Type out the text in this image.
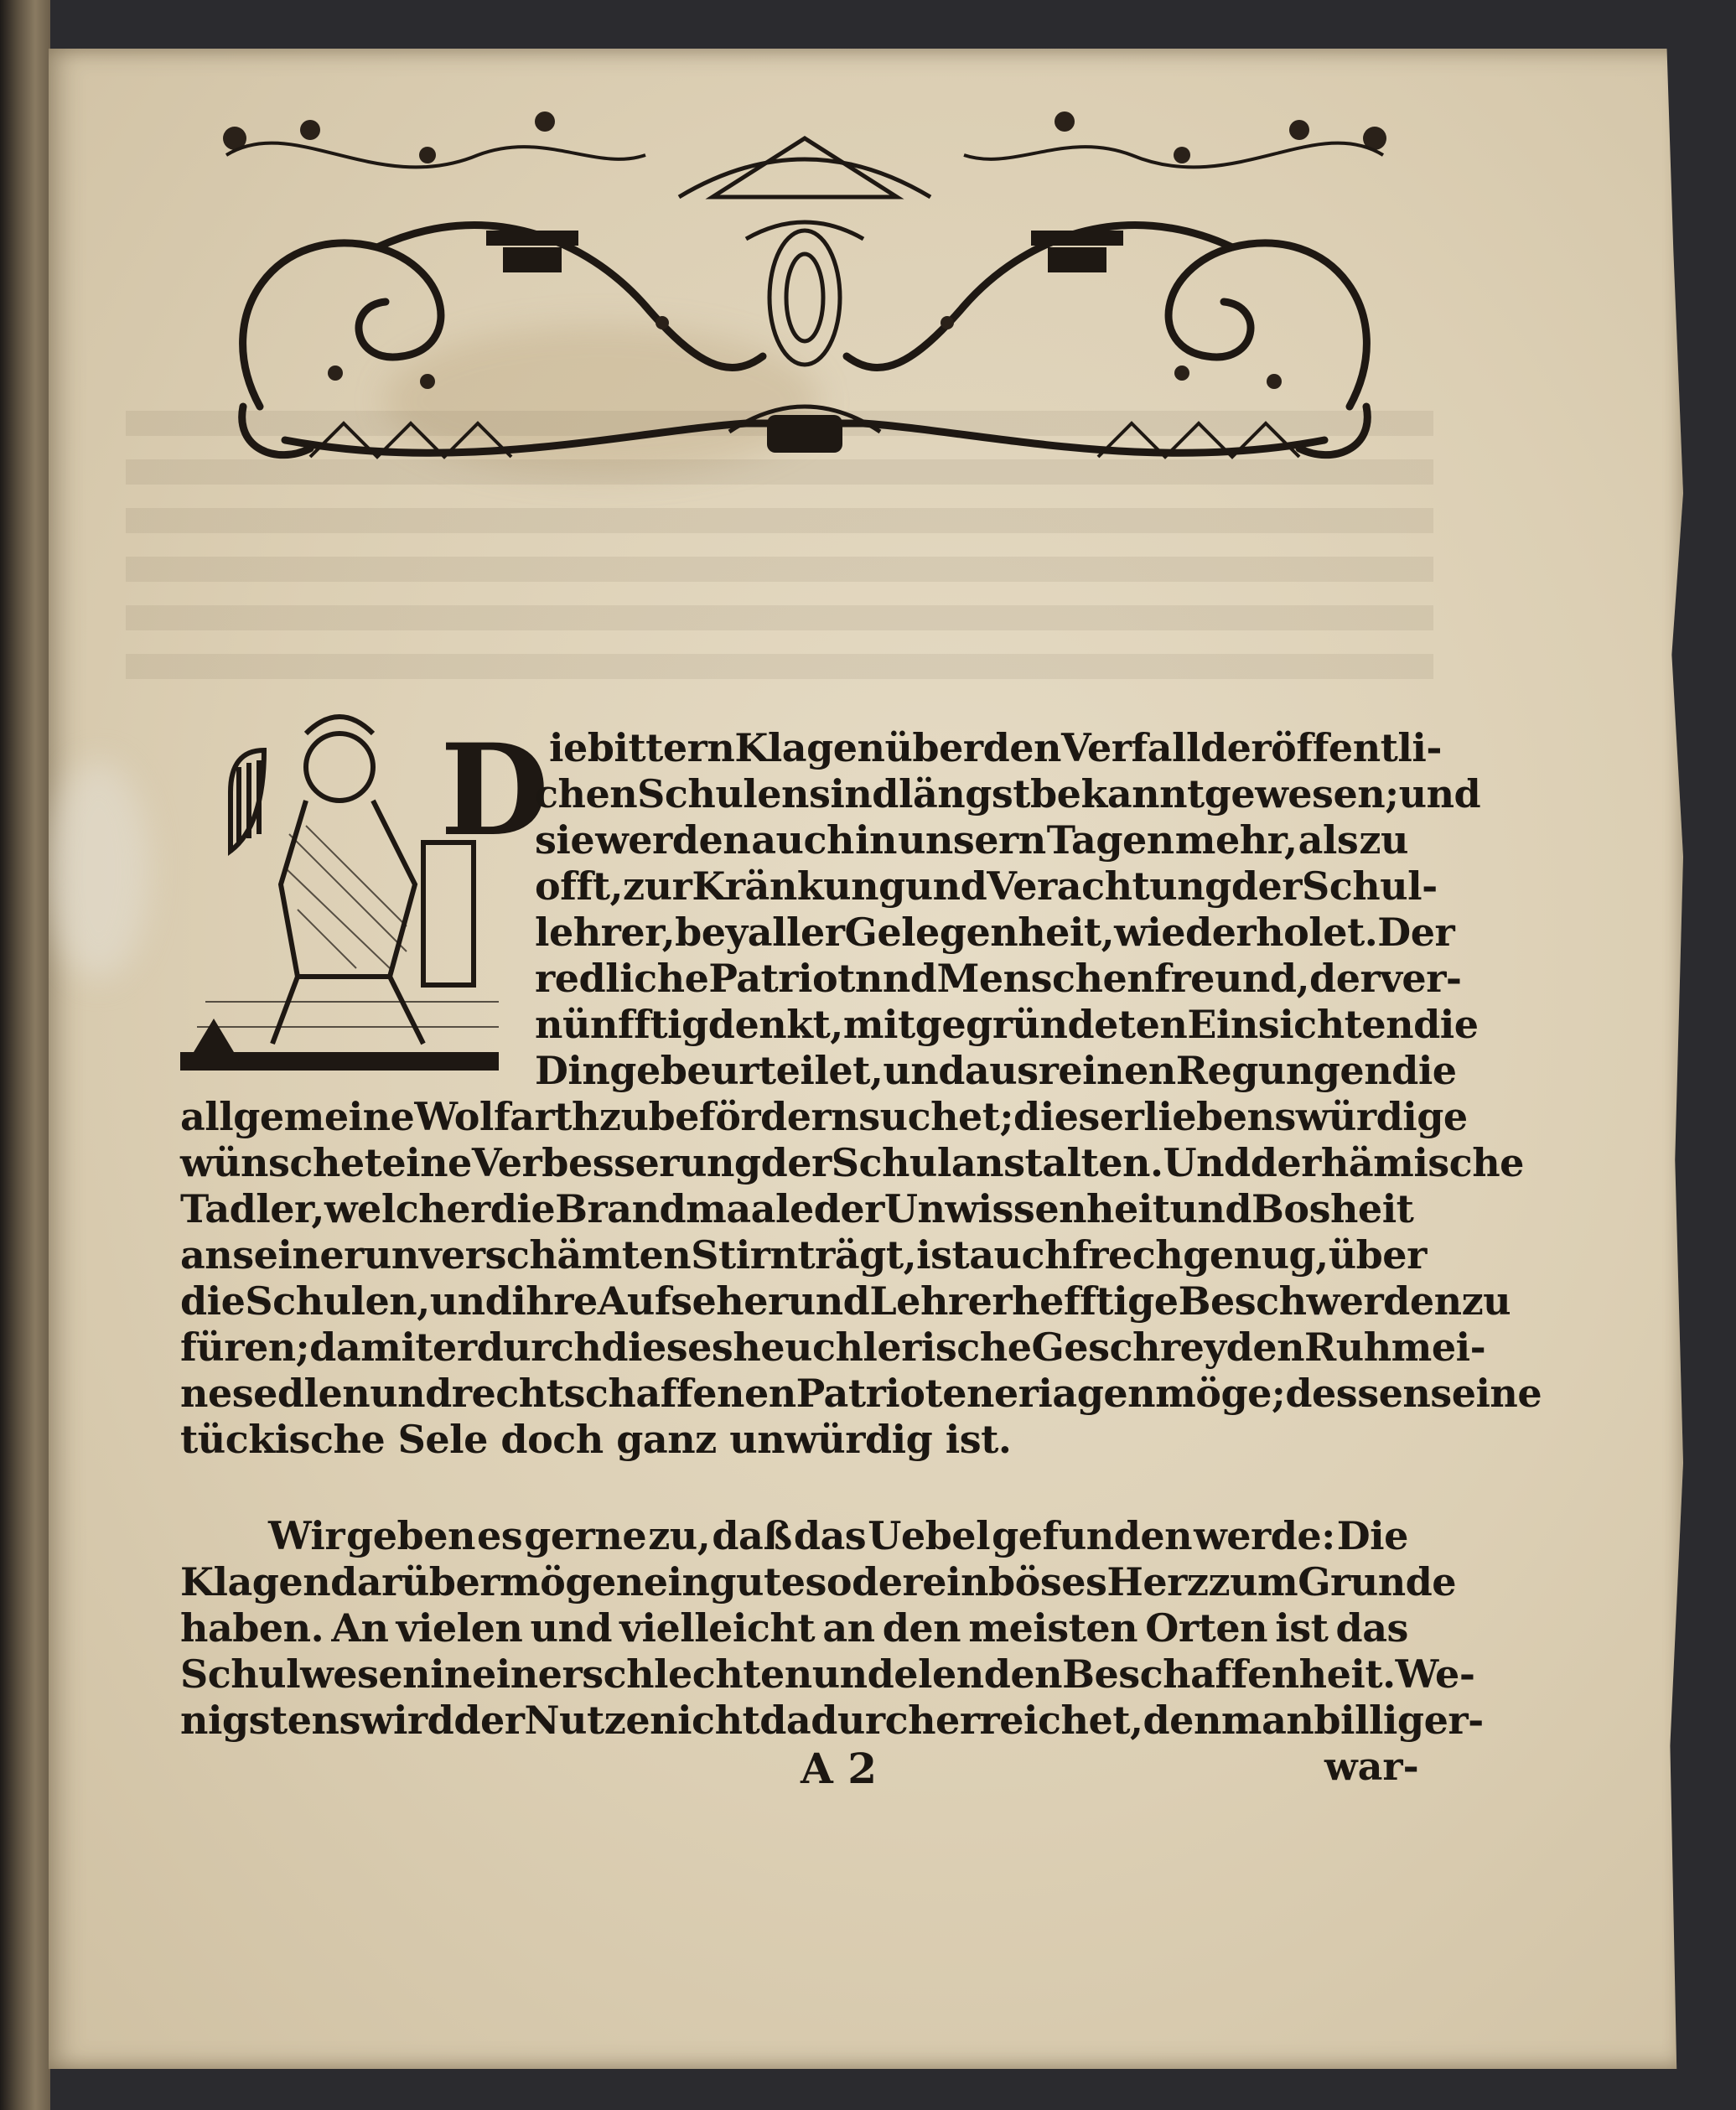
D ie bittern Klagen über den Verfall der öffentli-
chen Schulen sind längst bekannt gewesen; und
sie werden auch in unsern Tagen mehr, als zu
offt, zur Kränkung und Verachtung der Schul-
lehrer, bey aller Gelegenheit, wiederholet. Der
redliche Patriot nnd Menschenfreund, der ver-
nünfftig denkt, mit gegründeten Einsichten die
Dinge beurteilet, und aus reinen Regungen die
allgemeine Wolfarth zu befördern suchet; dieser liebenswürdige
wünschet eine Verbesserung der Schulanstalten. Und der hämische
Tadler, welcher die Brandmaale der Unwissenheit und Bosheit
an seiner unverschämten Stirn trägt, ist auch frech genug, über
die Schulen, und ihre Aufseher und Lehrer hefftige Beschwerden zu
füren; damit er durch dieses heuchlerische Geschrey den Ruhm ei-
nes edlen und rechtschaffenen Patrioten eriagen möge; dessen seine
tückische Sele doch ganz unwürdig ist.
Wir geben es gerne zu, daß das Uebel gefunden werde: Die
Klagen darüber mögen ein gutes oder ein böses Herz zum Grunde
haben. An vielen und vielleicht an den meisten Orten ist das
Schulwesen in einer schlechten und elenden Beschaffenheit. We-
nigstens wird der Nutze nicht dadurch erreichet, den man billig er-
A 2	war-
